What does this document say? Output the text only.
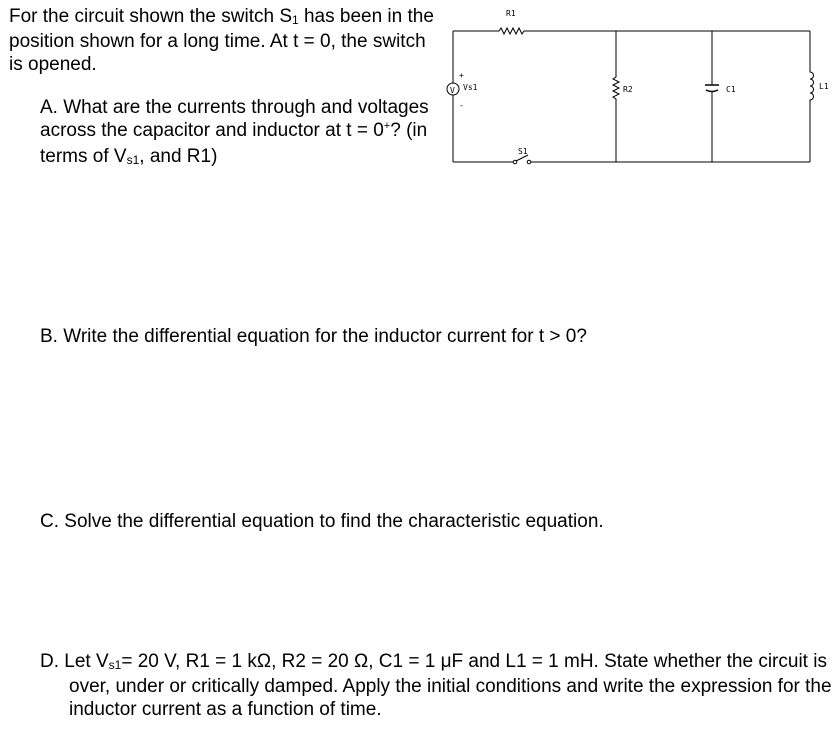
For the circuit shown the switch S1 has been in the position shown for a long time. At t = 0, the switch is opened.
A. What are the currents through and voltages across the capacitor and inductor at t = 0+? (in terms of Vs1, and R1)
B. Write the differential equation for the inductor current for t > 0?
C. Solve the differential equation to find the characteristic equation.
D. Let Vs1= 20 V, R1 = 1 kΩ, R2 = 20 Ω, C1 = 1 μF and L1 = 1 mH. State whether the circuit is over, under or critically damped. Apply the initial conditions and write the expression for the inductor current as a function of time.
R1
V
+
-
Vs1	R2	C1	L1
S1
